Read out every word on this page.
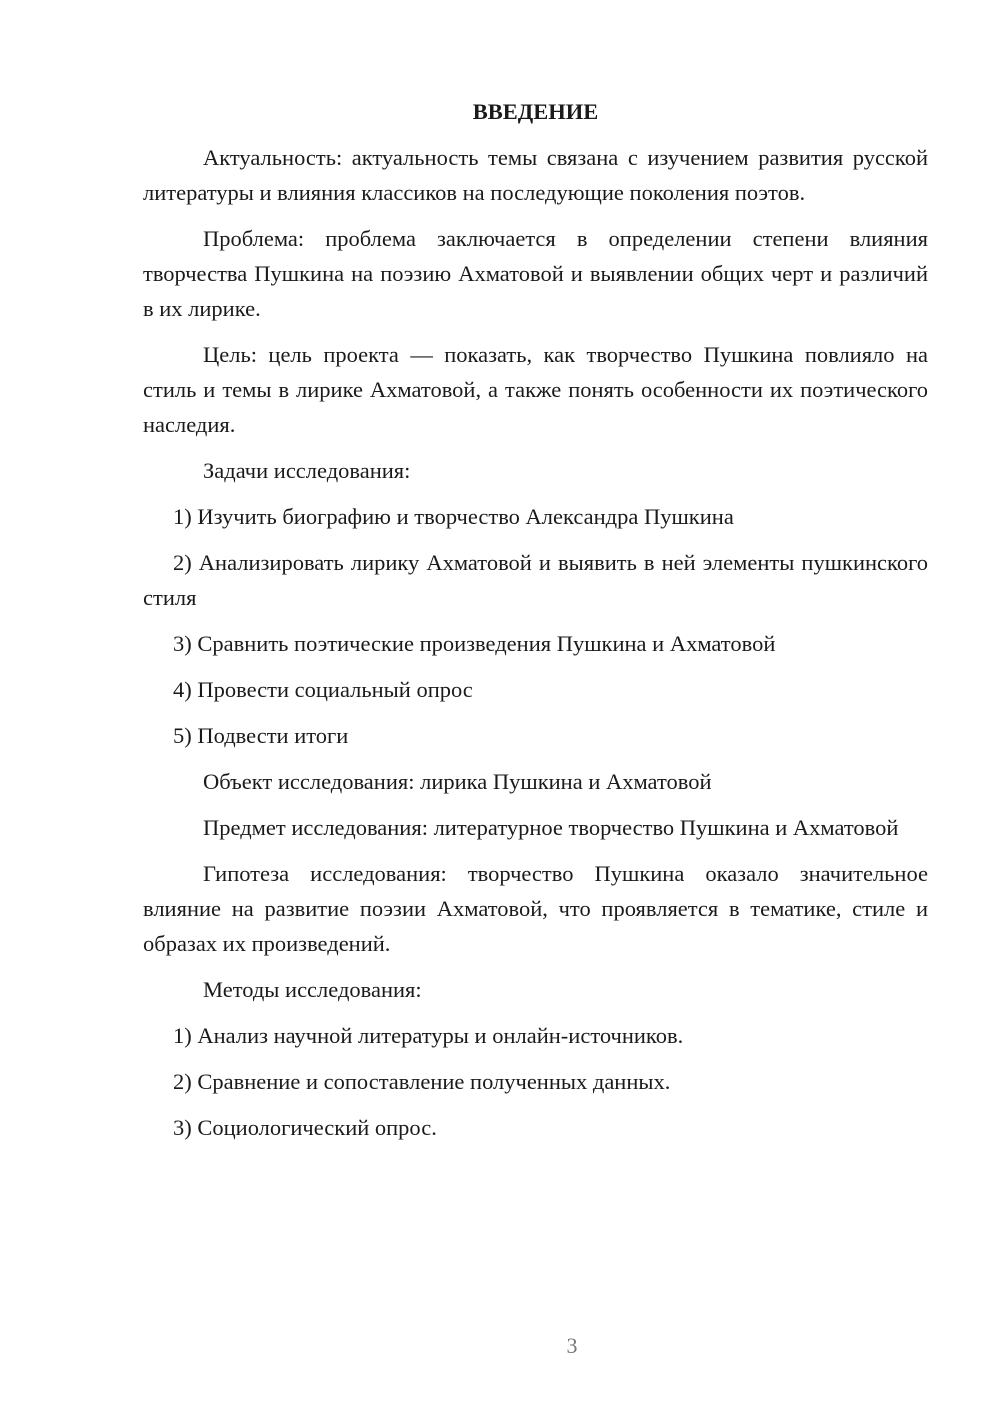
ВВЕДЕНИЕ

Актуальность: актуальность темы связана с изучением развития русской литературы и влияния классиков на последующие поколения поэтов.

Проблема: проблема заключается в определении степени влияния творчества Пушкина на поэзию Ахматовой и выявлении общих черт и различий в их лирике.

Цель: цель проекта — показать, как творчество Пушкина повлияло на стиль и темы в лирике Ахматовой, а также понять особенности их поэтического наследия.

Задачи исследования:

1) Изучить биографию и творчество Александра Пушкина

2) Анализировать лирику Ахматовой и выявить в ней элементы пушкинского стиля

3) Сравнить поэтические произведения Пушкина и Ахматовой

4) Провести социальный опрос

5) Подвести итоги

Объект исследования: лирика Пушкина и Ахматовой

Предмет исследования: литературное творчество Пушкина и Ахматовой

Гипотеза исследования: творчество Пушкина оказало значительное влияние на развитие поэзии Ахматовой, что проявляется в тематике, стиле и образах их произведений.

Методы исследования:

1) Анализ научной литературы и онлайн-источников.

2) Сравнение и сопоставление полученных данных.

3) Социологический опрос.

3
